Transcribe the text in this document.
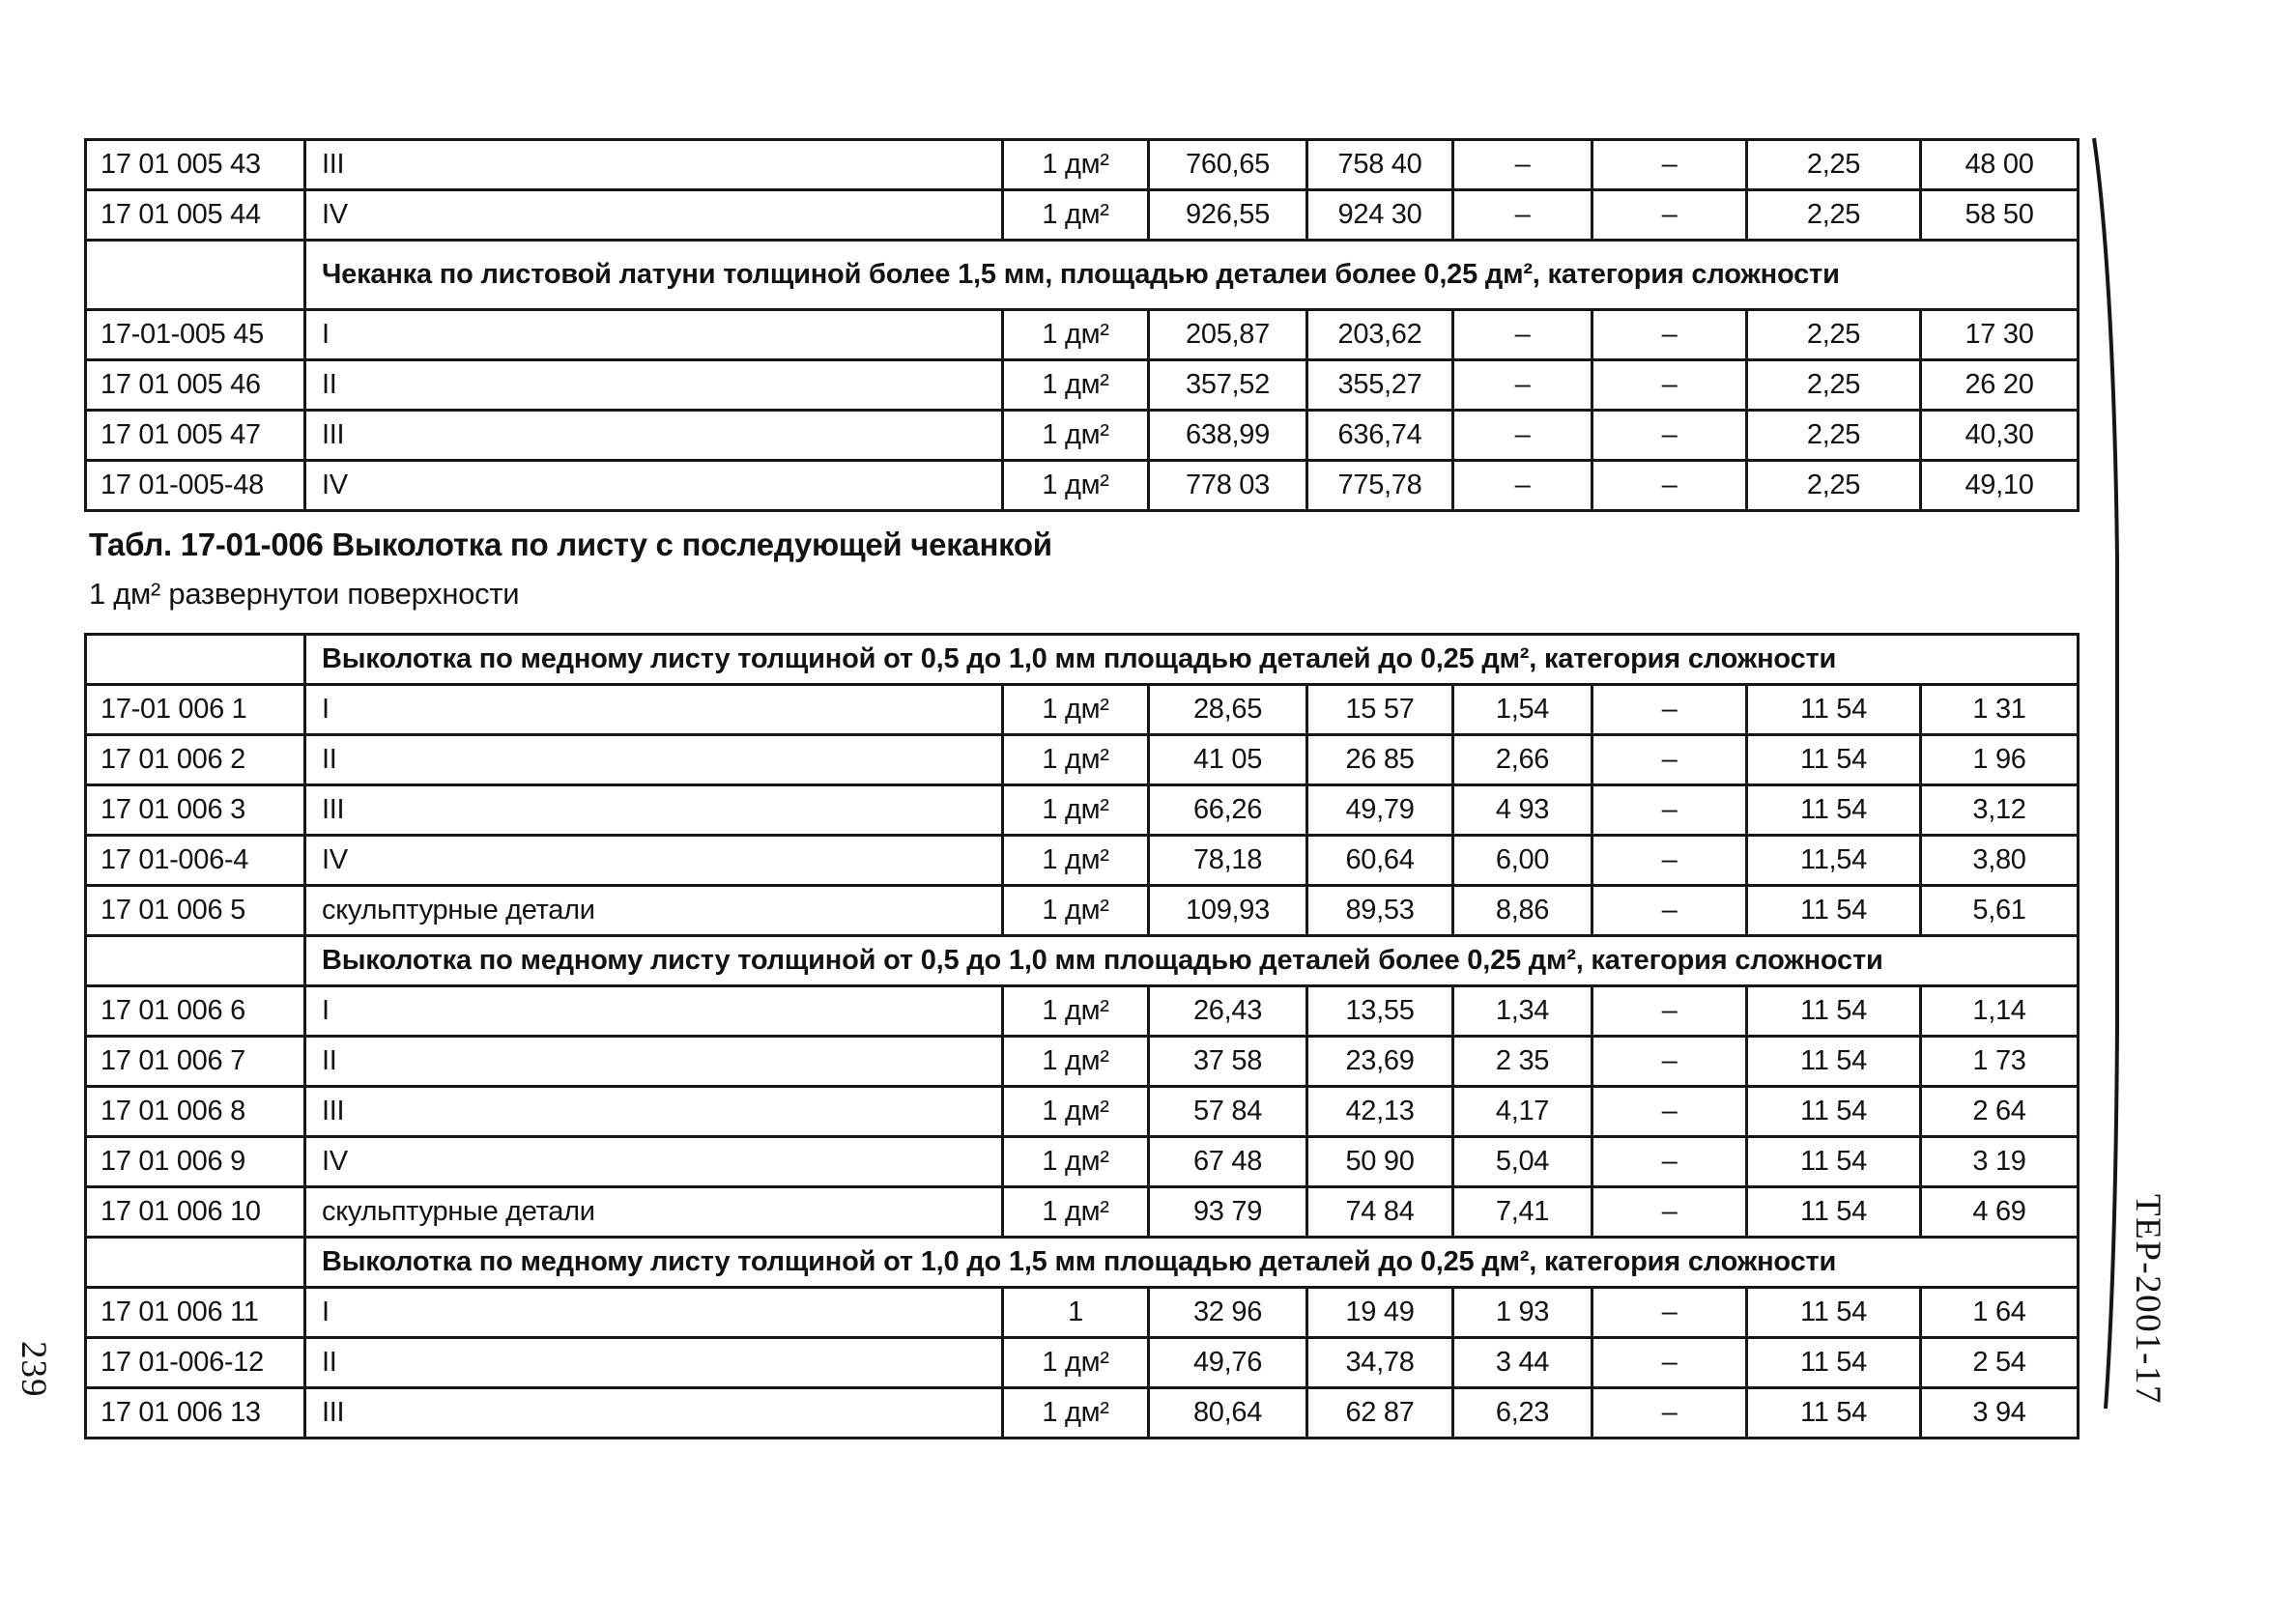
17 01 005 43	III	1 дм²	760,65	758 40	–	–	2,25	48 00
17 01 005 44	IV	1 дм²	926,55	924 30	–	–	2,25	58 50
Чеканка по листовой латуни толщиной более 1,5 мм, площадью деталеи более 0,25 дм², категория сложности
17-01-005 45	I	1 дм²	205,87	203,62	–	–	2,25	17 30
17 01 005 46	II	1 дм²	357,52	355,27	–	–	2,25	26 20
17 01 005 47	III	1 дм²	638,99	636,74	–	–	2,25	40,30
17 01-005-48	IV	1 дм²	778 03	775,78	–	–	2,25	49,10
Табл. 17-01-006 Выколотка по листу с последующей чеканкой
1 дм² развернутои поверхности
Выколотка по медному листу толщиной от 0,5 до 1,0 мм площадью деталей до 0,25 дм², категория сложности
17-01 006 1	I	1 дм²	28,65	15 57	1,54	–	11 54	1 31
17 01 006 2	II	1 дм²	41 05	26 85	2,66	–	11 54	1 96
17 01 006 3	III	1 дм²	66,26	49,79	4 93	–	11 54	3,12
17 01-006-4	IV	1 дм²	78,18	60,64	6,00	–	11,54	3,80
17 01 006 5	скульптурные детали	1 дм²	109,93	89,53	8,86	–	11 54	5,61
Выколотка по медному листу толщиной от 0,5 до 1,0 мм площадью деталей более 0,25 дм², категория сложности
17 01 006 6	I	1 дм²	26,43	13,55	1,34	–	11 54	1,14
17 01 006 7	II	1 дм²	37 58	23,69	2 35	–	11 54	1 73
17 01 006 8	III	1 дм²	57 84	42,13	4,17	–	11 54	2 64
17 01 006 9	IV	1 дм²	67 48	50 90	5,04	–	11 54	3 19
17 01 006 10	скульптурные детали	1 дм²	93 79	74 84	7,41	–	11 54	4 69
Выколотка по медному листу толщиной от 1,0 до 1,5 мм площадью деталей до 0,25 дм², категория сложности
17 01 006 11	I	1	32 96	19 49	1 93	–	11 54	1 64
17 01-006-12	II	1 дм²	49,76	34,78	3 44	–	11 54	2 54
17 01 006 13	III	1 дм²	80,64	62 87	6,23	–	11 54	3 94
239	ТЕР-2001-17
